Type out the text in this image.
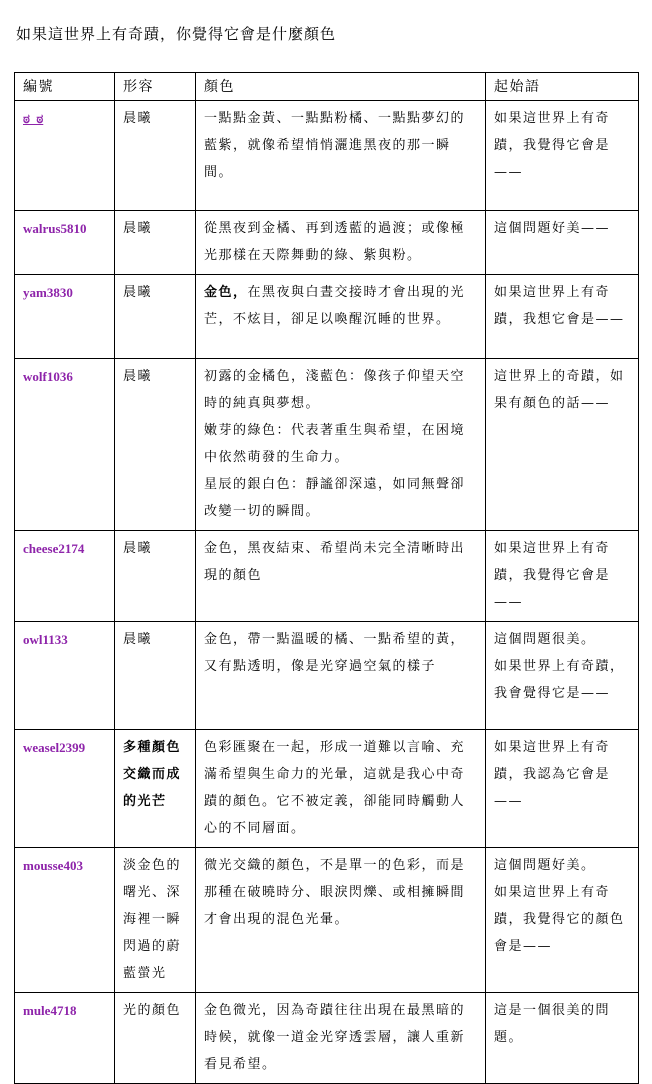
如果這世界上有奇蹟，你覺得它會是什麼顏色
編號	形容	顏色	起始語
ಠ_ಠ	晨曦	一點點金黃、一點點粉橘、一點點夢幻的藍紫，就像希望悄悄灑進黑夜的那一瞬間。	如果這世界上有奇蹟，我覺得它會是——

walrus5810	晨曦	從黑夜到金橘、再到透藍的過渡；或像極光那樣在天際舞動的綠、紫與粉。	這個問題好美——

yam3830	晨曦	金色，在黑夜與白晝交接時才會出現的光芒，不炫目，卻足以喚醒沉睡的世界。	如果這世界上有奇蹟，我想它會是——

wolf1036	晨曦	初露的金橘色，淺藍色：像孩子仰望天空時的純真與夢想。
嫩芽的綠色：代表著重生與希望，在困境中依然萌發的生命力。
星辰的銀白色：靜謐卻深遠，如同無聲卻改變一切的瞬間。	這世界上的奇蹟，如果有顏色的話——

cheese2174	晨曦	金色，黑夜結束、希望尚未完全清晰時出現的顏色	如果這世界上有奇蹟，我覺得它會是——

owl1133	晨曦	金色，帶一點溫暖的橘、一點希望的黃，又有點透明，像是光穿過空氣的樣子	這個問題很美。
如果世界上有奇蹟，我會覺得它是——

weasel2399	多種顏色交織而成的光芒	色彩匯聚在一起，形成一道難以言喻、充滿希望與生命力的光暈，這就是我心中奇蹟的顏色。它不被定義，卻能同時觸動人心的不同層面。	如果這世界上有奇蹟，我認為它會是——

mousse403	淡金色的曙光、深海裡一瞬閃過的蔚藍螢光	微光交織的顏色，不是單一的色彩，而是那種在破曉時分、眼淚閃爍、或相擁瞬間才會出現的混色光暈。	這個問題好美。
如果這世界上有奇蹟，我覺得它的顏色會是——

mule4718	光的顏色	金色微光，因為奇蹟往往出現在最黑暗的時候，就像一道金光穿透雲層，讓人重新看見希望。	這是一個很美的問題。
